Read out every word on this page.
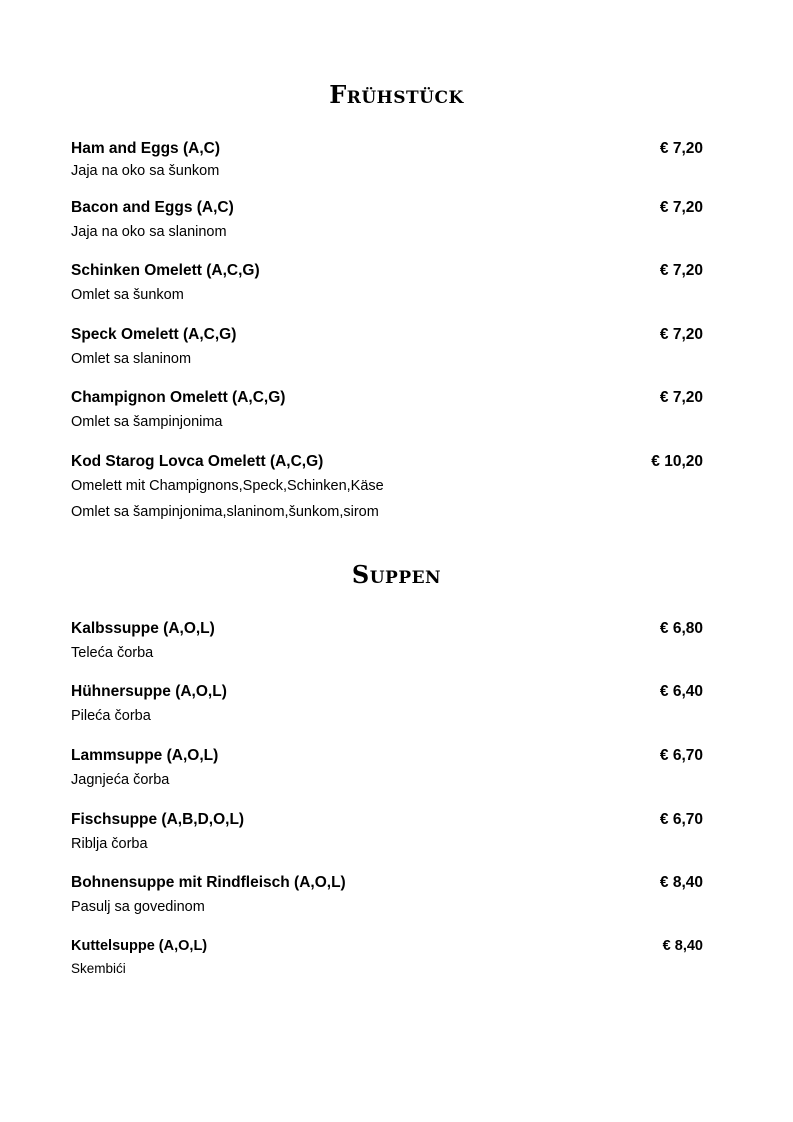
Frühstück
Ham and Eggs (A,C)	€ 7,20
Jaja na oko sa šunkom
Bacon and Eggs (A,C)	€ 7,20
Jaja na oko sa slaninom
Schinken Omelett (A,C,G)	€ 7,20
Omlet sa šunkom
Speck Omelett (A,C,G)	€ 7,20
Omlet sa slaninom
Champignon Omelett (A,C,G)	€ 7,20
Omlet sa šampinjonima
Kod Starog Lovca Omelett (A,C,G)	€ 10,20
Omelett mit Champignons,Speck,Schinken,Käse
Omlet sa šampinjonima,slaninom,šunkom,sirom
Suppen
Kalbssuppe (A,O,L)	€ 6,80
Teleća čorba
Hühnersuppe (A,O,L)	€ 6,40
Pileća čorba
Lammsuppe (A,O,L)	€ 6,70
Jagnjeća čorba
Fischsuppe (A,B,D,O,L)	€ 6,70
Riblja čorba
Bohnensuppe mit Rindfleisch (A,O,L)	€ 8,40
Pasulj sa govedinom
Kuttelsuppe (A,O,L)	€ 8,40
Skembići
